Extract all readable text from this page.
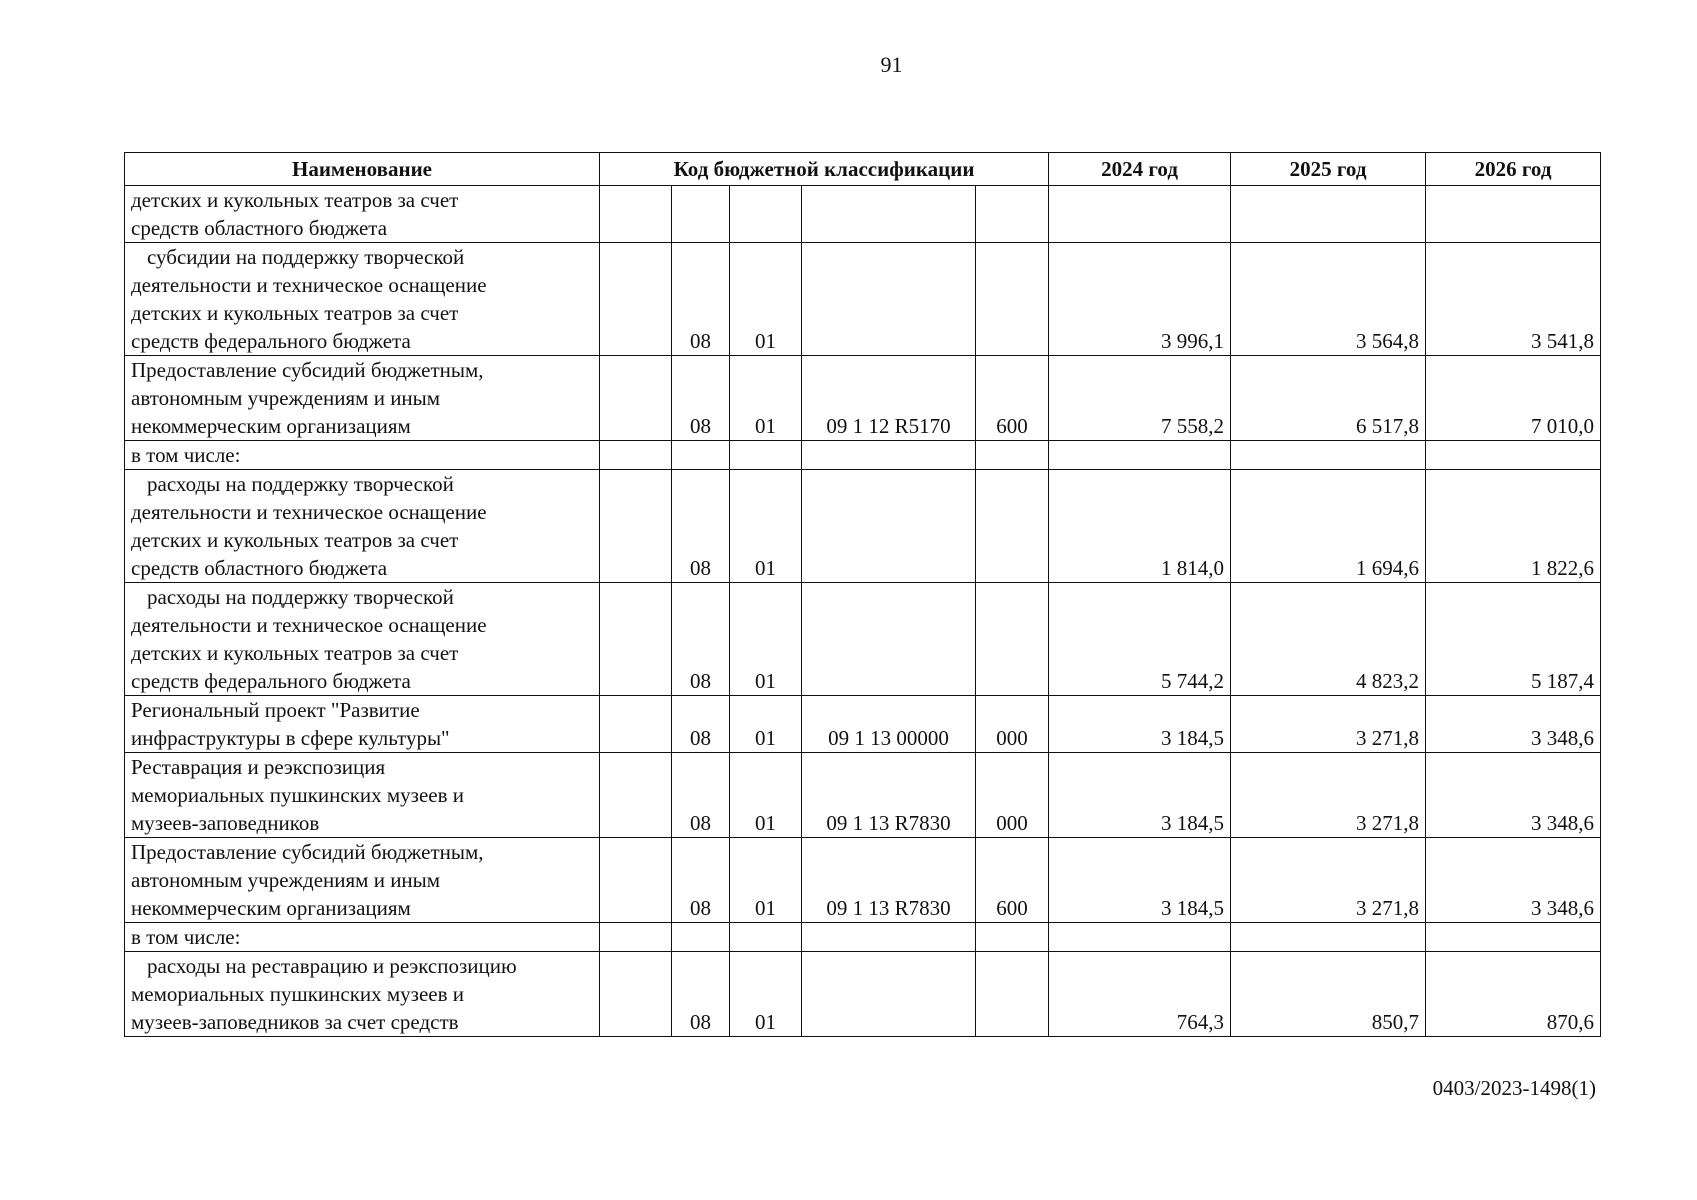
91
Наименование	Код бюджетной классификации					2024 год	2025 год	2026 год

детских и кукольных театров за счет
средств областного бюджета								

субсидии на поддержку творческой
деятельности и техническое оснащение
детских и кукольных театров за счет
средств федерального бюджета		08	01			3 996,1	3 564,8	3 541,8

Предоставление субсидий бюджетным,
автономным учреждениям и иным
некоммерческим организациям		08	01	09 1 12 R5170	600	7 558,2	6 517,8	7 010,0

в том числе:								

расходы на поддержку творческой
деятельности и техническое оснащение
детских и кукольных театров за счет
средств областного бюджета		08	01			1 814,0	1 694,6	1 822,6

расходы на поддержку творческой
деятельности и техническое оснащение
детских и кукольных театров за счет
средств федерального бюджета		08	01			5 744,2	4 823,2	5 187,4

Региональный проект "Развитие
инфраструктуры в сфере культуры"		08	01	09 1 13 00000	000	3 184,5	3 271,8	3 348,6

Реставрация и реэкспозиция
мемориальных пушкинских музеев и
музеев-заповедников		08	01	09 1 13 R7830	000	3 184,5	3 271,8	3 348,6

Предоставление субсидий бюджетным,
автономным учреждениям и иным
некоммерческим организациям		08	01	09 1 13 R7830	600	3 184,5	3 271,8	3 348,6

в том числе:								

расходы на реставрацию и реэкспозицию
мемориальных пушкинских музеев и
музеев-заповедников за счет средств		08	01			764,3	850,7	870,6
0403/2023-1498(1)
